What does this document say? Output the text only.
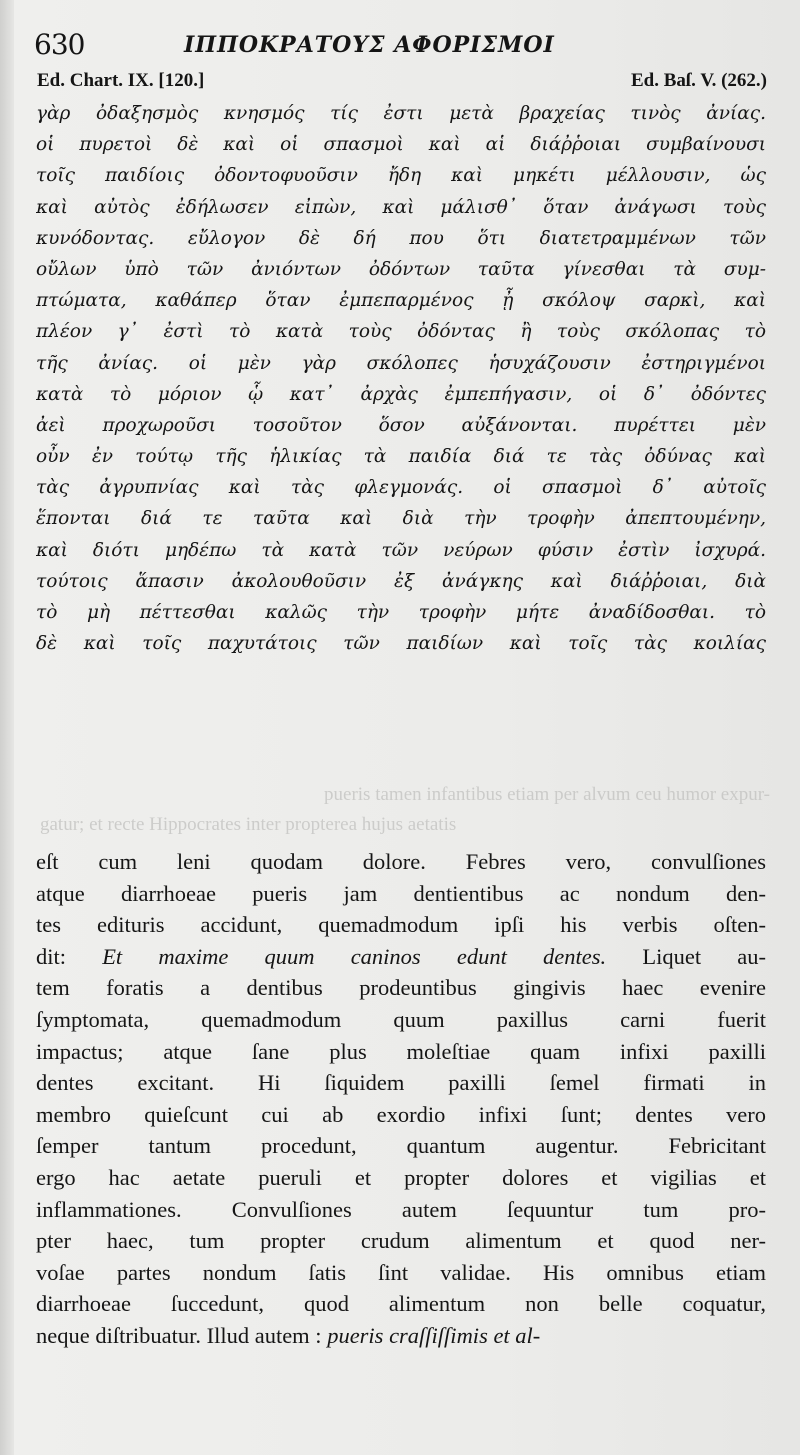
630	ΙΠΠΟΚΡΑΤΟΥΣ ΑΦΟΡΙΣΜΟΙ
Ed. Chart. IX. [120.]	Ed. Baſ. V. (262.)
γὰρ ὀδαξησμὸς κνησμός τίς ἐστι μετὰ βραχείας τινὸς ἀνίας.
οἱ πυρετοὶ δὲ καὶ οἱ σπασμοὶ καὶ αἱ διάῤῥοιαι συμβαίνουσι
τοῖς παιδίοις ὀδοντοφυοῦσιν ἤδη καὶ μηκέτι μέλλουσιν, ὡς
καὶ αὐτὸς ἐδήλωσεν εἰπὼν, καὶ μάλισθ᾽ ὅταν ἀνάγωσι τοὺς
κυνόδοντας. εὔλογον δὲ δή που ὅτι διατετραμμένων τῶν
οὔλων ὑπὸ τῶν ἀνιόντων ὀδόντων ταῦτα γίνεσθαι τὰ συμ-
πτώματα, καθάπερ ὅταν ἐμπεπαρμένος ᾖ σκόλοψ σαρκὶ, καὶ
πλέον γ᾽ ἐστὶ τὸ κατὰ τοὺς ὀδόντας ἢ τοὺς σκόλοπας τὸ
τῆς ἀνίας. οἱ μὲν γὰρ σκόλοπες ἡσυχάζουσιν ἐστηριγμένοι
κατὰ τὸ μόριον ᾧ κατ᾽ ἀρχὰς ἐμπεπήγασιν, οἱ δ᾽ ὀδόντες
ἀεὶ προχωροῦσι τοσοῦτον ὅσον αὐξάνονται. πυρέττει μὲν
οὖν ἐν τούτῳ τῆς ἡλικίας τὰ παιδία διά τε τὰς ὀδύνας καὶ
τὰς ἀγρυπνίας καὶ τὰς φλεγμονάς. οἱ σπασμοὶ δ᾽ αὐτοῖς
ἕπονται διά τε ταῦτα καὶ διὰ τὴν τροφὴν ἀπεπτουμένην,
καὶ διότι μηδέπω τὰ κατὰ τῶν νεύρων φύσιν ἐστὶν ἰσχυρά.
τούτοις ἅπασιν ἀκολουθοῦσιν ἐξ ἀνάγκης καὶ διάῤῥοιαι, διὰ
τὸ μὴ πέττεσθαι καλῶς τὴν τροφὴν μήτε ἀναδίδοσθαι. τὸ
δὲ καὶ τοῖς παχυτάτοις τῶν παιδίων καὶ τοῖς τὰς κοιλίας
pueris tamen infantibus etiam per alvum ceu humor expur-
gatur; et recte Hippocrates inter propterea hujus aetatis
eſt cum leni quodam dolore. Febres vero, convulſiones
atque diarrhoeae pueris jam dentientibus ac nondum den-
tes edituris accidunt, quemadmodum ipſi his verbis oſten-
dit: Et maxime quum caninos edunt dentes. Liquet au-
tem foratis a dentibus prodeuntibus gingivis haec evenire
ſymptomata, quemadmodum quum paxillus carni fuerit
impactus; atque ſane plus moleſtiae quam infixi paxilli
dentes excitant. Hi ſiquidem paxilli ſemel firmati in
membro quieſcunt cui ab exordio infixi ſunt; dentes vero
ſemper tantum procedunt, quantum augentur. Febricitant
ergo hac aetate pueruli et propter dolores et vigilias et
inflammationes. Convulſiones autem ſequuntur tum pro-
pter haec, tum propter crudum alimentum et quod ner-
voſae partes nondum ſatis ſint validae. His omnibus etiam
diarrhoeae ſuccedunt, quod alimentum non belle coquatur,
neque diſtribuatur. Illud autem : pueris craſſiſſimis et al-
